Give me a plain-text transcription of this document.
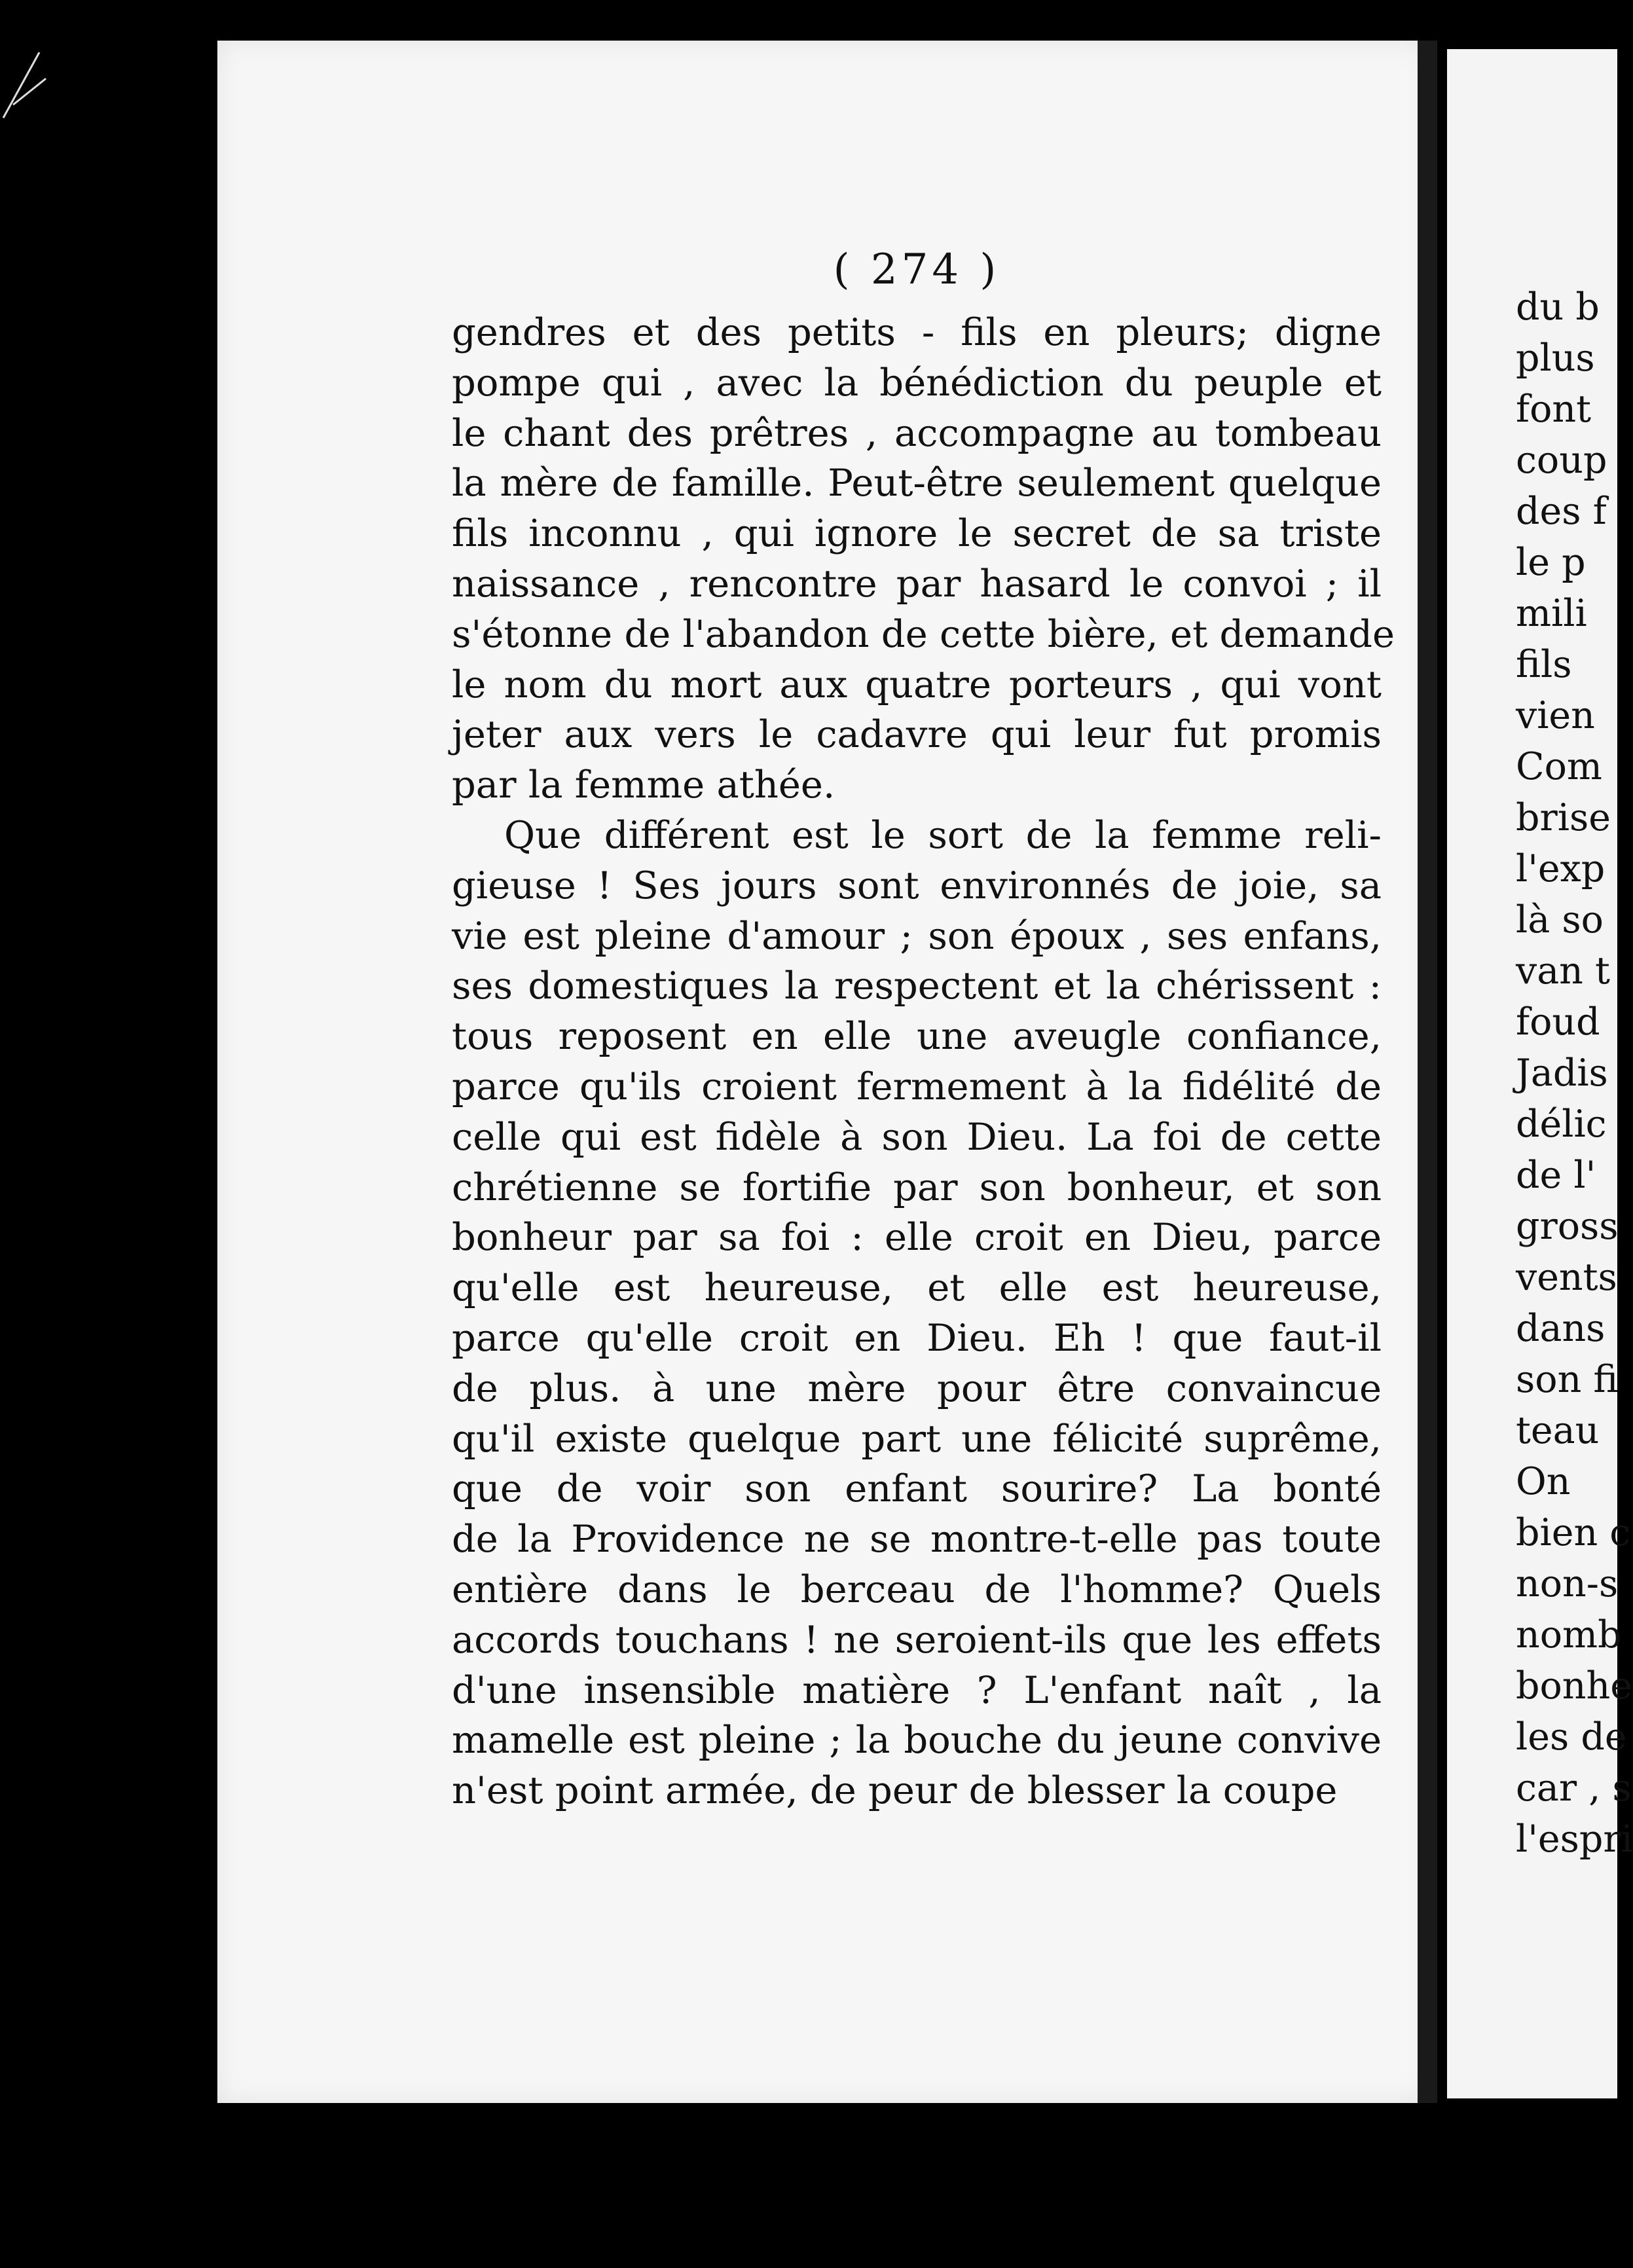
( 274 )
gendres et des petits - fils en pleurs; digne
pompe qui , avec la bénédiction du peuple et
le chant des prêtres , accompagne au tombeau
la mère de famille. Peut-être seulement quelque
fils inconnu , qui ignore le secret de sa triste
naissance , rencontre par hasard le convoi ; il
s'étonne de l'abandon de cette bière, et demande
le nom du mort aux quatre porteurs , qui vont
jeter aux vers le cadavre qui leur fut promis
par la femme athée.
Que différent est le sort de la femme reli-
gieuse ! Ses jours sont environnés de joie, sa
vie est pleine d'amour ; son époux , ses enfans,
ses domestiques la respectent et la chérissent :
tous reposent en elle une aveugle confiance,
parce qu'ils croient fermement à la fidélité de
celle qui est fidèle à son Dieu. La foi de cette
chrétienne se fortifie par son bonheur, et son
bonheur par sa foi : elle croit en Dieu, parce
qu'elle est heureuse, et elle est heureuse,
parce qu'elle croit en Dieu. Eh ! que faut-il
de plus. à une mère pour être convaincue
qu'il existe quelque part une félicité suprême,
que de voir son enfant sourire? La bonté
de la Providence ne se montre-t-elle pas toute
entière dans le berceau de l'homme? Quels
accords touchans ! ne seroient-ils que les effets
d'une insensible matière ? L'enfant naît , la
mamelle est pleine ; la bouche du jeune convive
n'est point armée, de peur de blesser la coupe
du b
plus
font
coup
des f
le p
mili
fils
vien
Com
brise
l'exp
là so
van t
foud
Jadis
délic
de l'
gross
vents
dans
son fi
teau
On
bien c
non-s
nomb
bonhe
les de
car , s
l'espri
